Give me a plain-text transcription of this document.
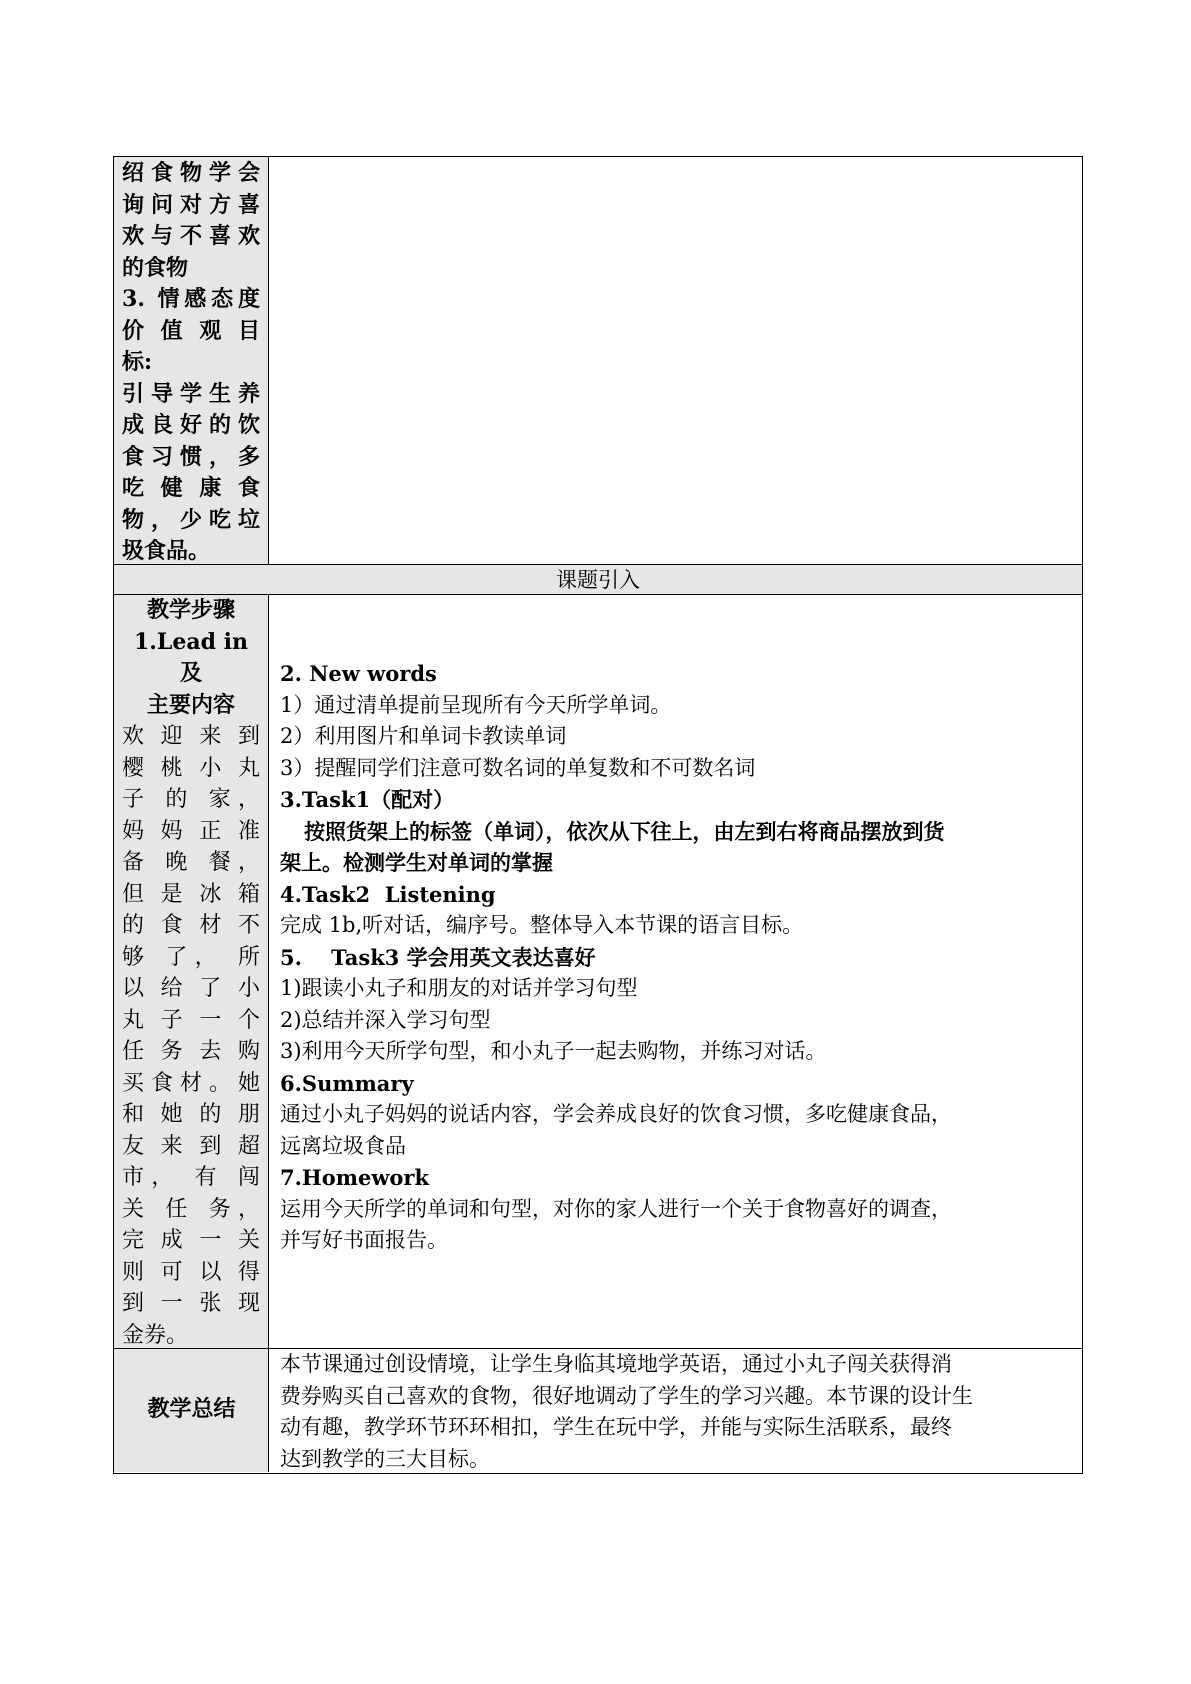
绍食物学会
询问对方喜
欢与不喜欢
的食物
3. 情感态度
价 值 观 目
标:
引导学生养
成良好的饮
食习惯，多
吃 健 康 食
物，少吃垃
圾食品。
课题引入
教学步骤
1.Lead in
及
主要内容
欢 迎 来 到
樱 桃 小 丸
子 的 家，
妈 妈 正 准
备 晚 餐，
但 是 冰 箱
的 食 材 不
够 了， 所
以 给 了 小
丸 子 一 个
任 务 去 购
买食材。她
和 她 的 朋
友 来 到 超
市， 有 闯
关 任 务，
完 成 一 关
则 可 以 得
到 一 张 现
金券。
2. New words
1）通过清单提前呈现所有今天所学单词。
2）利用图片和单词卡教读单词
3）提醒同学们注意可数名词的单复数和不可数名词
3.Task1（配对）
按照货架上的标签（单词），依次从下往上，由左到右将商品摆放到货
架上。检测学生对单词的掌握
4.Task2  Listening
完成 1b,听对话，编序号。整体导入本节课的语言目标。
5.    Task3 学会用英文表达喜好
1)跟读小丸子和朋友的对话并学习句型
2)总结并深入学习句型
3)利用今天所学句型，和小丸子一起去购物，并练习对话。
6.Summary
通过小丸子妈妈的说话内容，学会养成良好的饮食习惯，多吃健康食品，
远离垃圾食品
7.Homework
运用今天所学的单词和句型，对你的家人进行一个关于食物喜好的调查，
并写好书面报告。
教学总结
本节课通过创设情境，让学生身临其境地学英语，通过小丸子闯关获得消
费券购买自己喜欢的食物，很好地调动了学生的学习兴趣。本节课的设计生
动有趣，教学环节环环相扣，学生在玩中学，并能与实际生活联系，最终
达到教学的三大目标。
